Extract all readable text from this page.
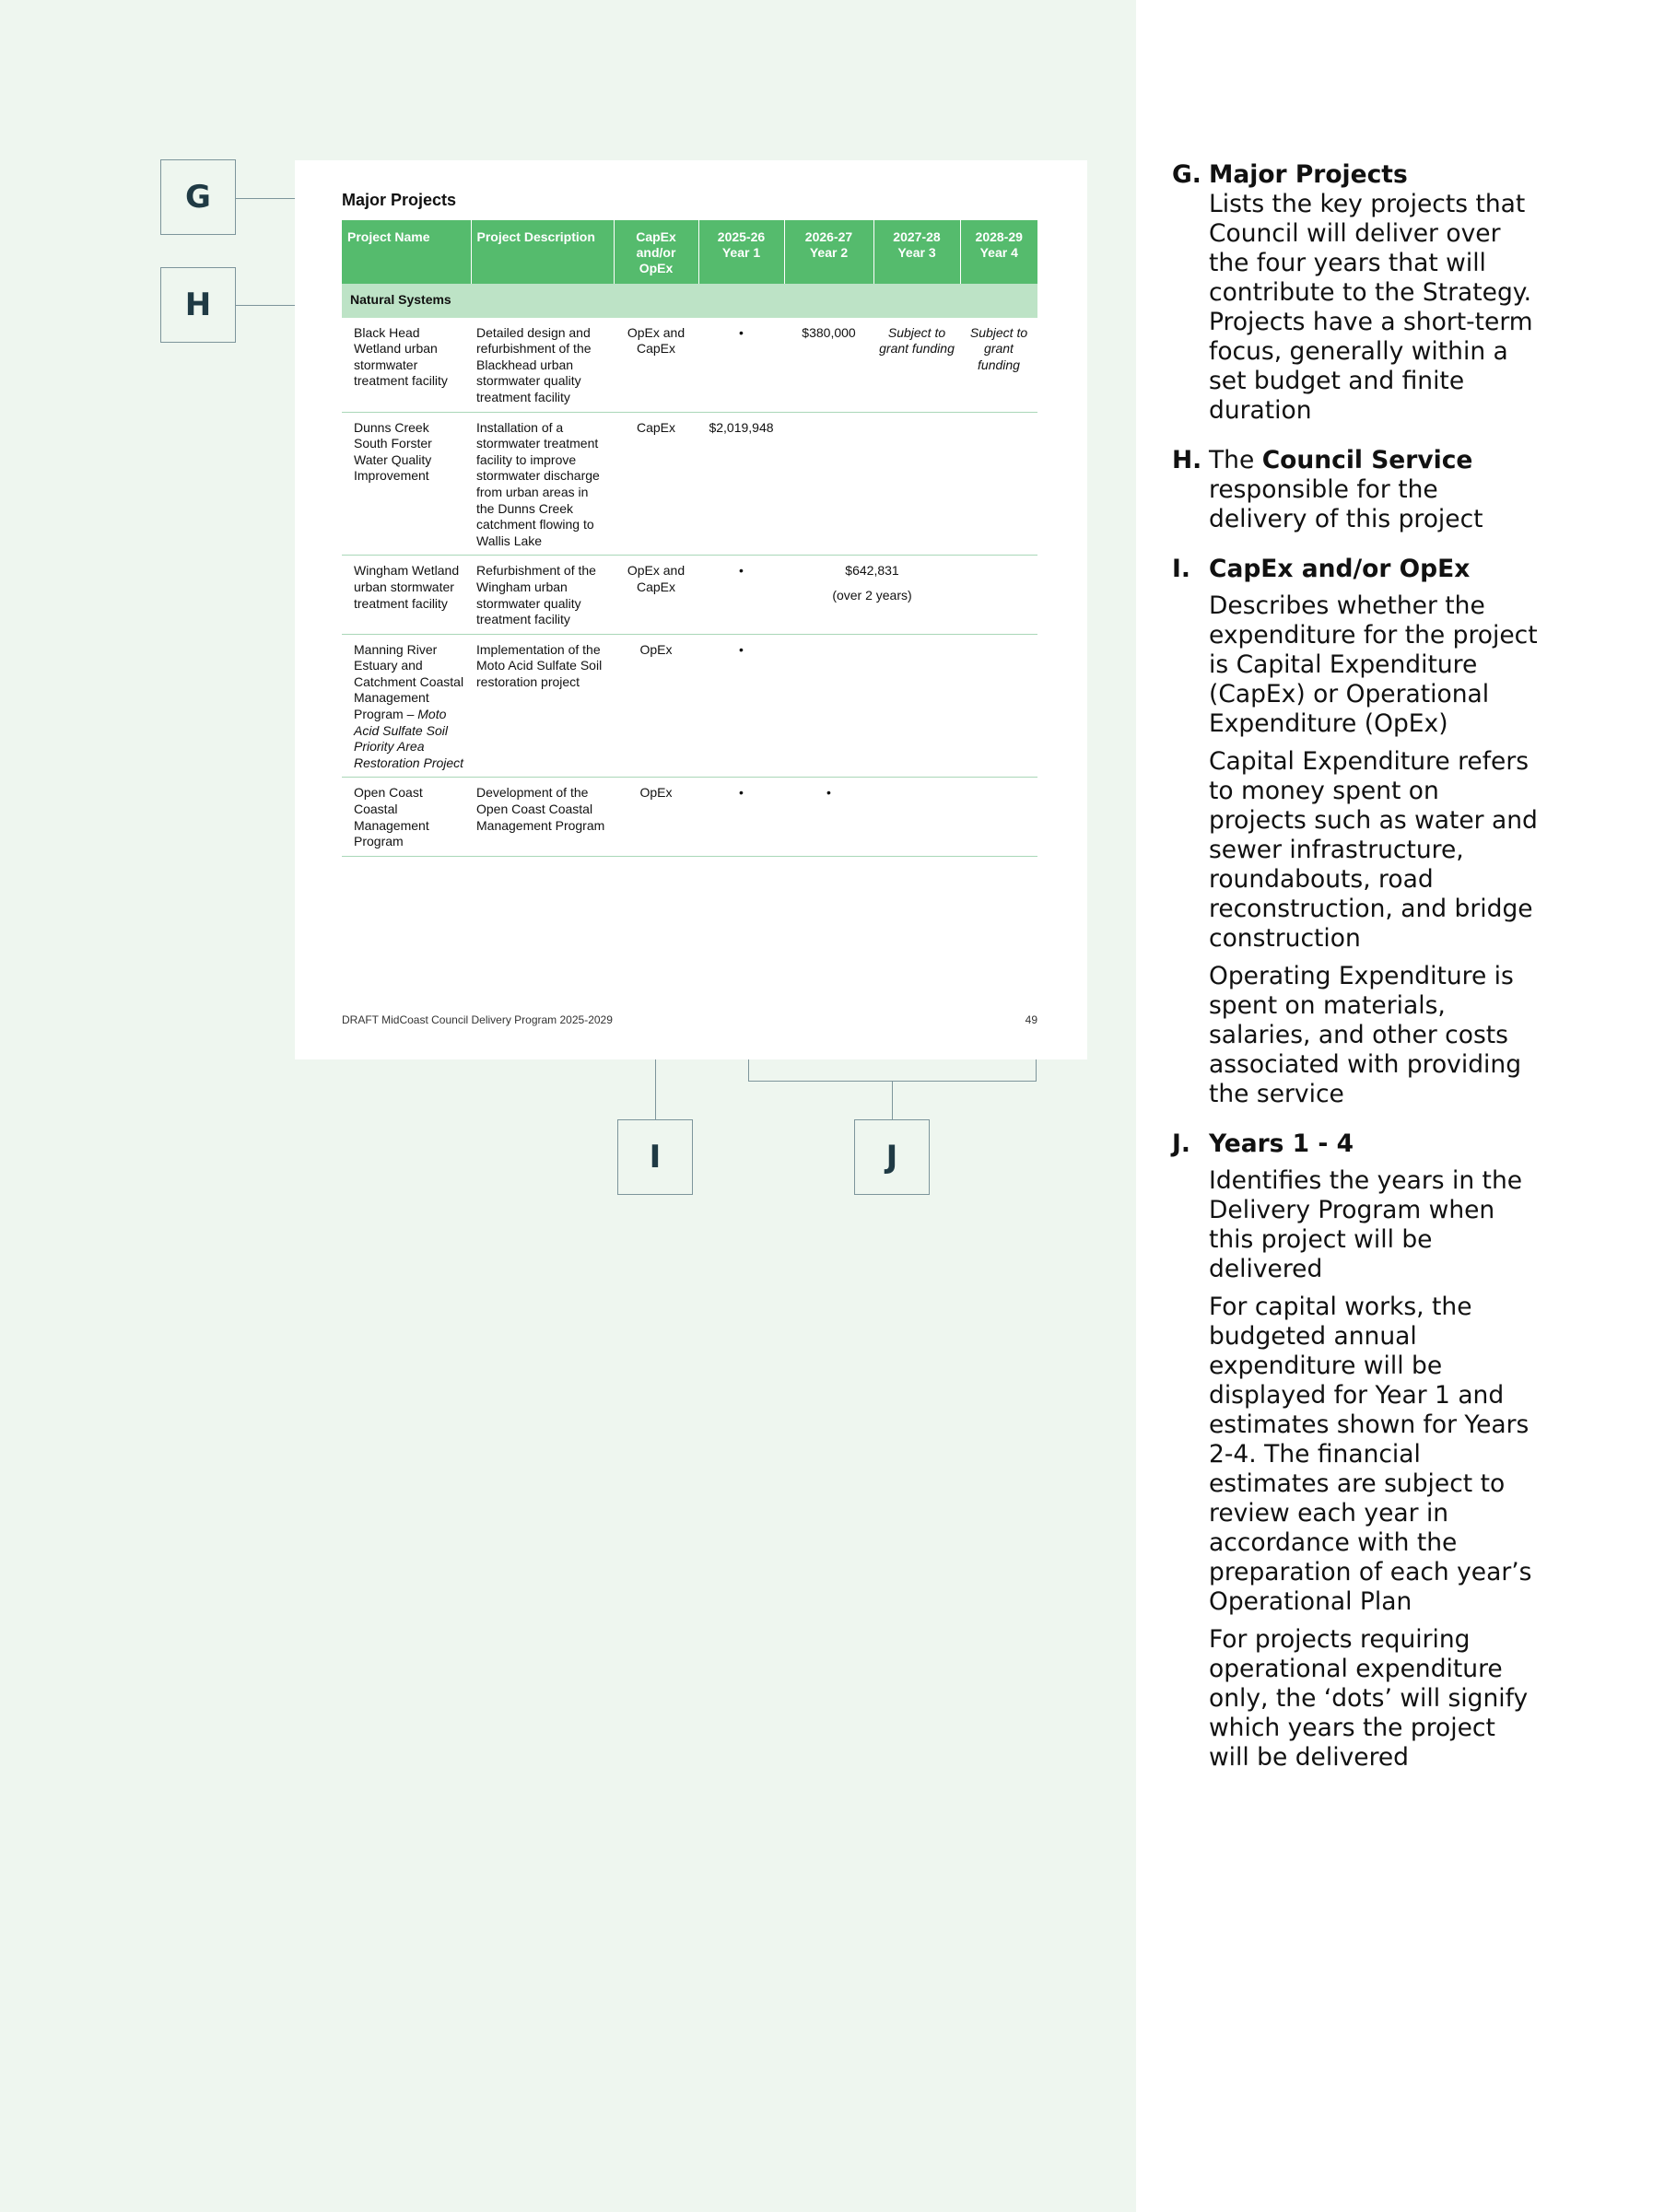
G
H
I	J
Major Projects
Project Name	Project Description	CapEx and/or OpEx	2025-26 Year 1	2026-27 Year 2	2027-28 Year 3	2028-29 Year 4
Natural Systems						
Black Head Wetland urban stormwater treatment facility	Detailed design and refurbishment of the Blackhead urban stormwater quality treatment facility	OpEx and CapEx	•	$380,000	Subject to grant funding	Subject to grant funding
Dunns Creek South Forster Water Quality Improvement	Installation of a stormwater treatment facility to improve stormwater discharge from urban areas in the Dunns Creek catchment flowing to Wallis Lake	CapEx	$2,019,948			
Wingham Wetland urban stormwater treatment facility	Refurbishment of the Wingham urban stormwater quality treatment facility	OpEx and CapEx	•	$642,831
(over 2 years)		

Manning River Estuary and Catchment Coastal Management Program – Moto Acid Sulfate Soil Priority Area Restoration Project	Implementation of the Moto Acid Sulfate Soil restoration project	OpEx	•			
Open Coast Coastal Management Program	Development of the Open Coast Coastal Management Program	OpEx	•	•		
DRAFT MidCoast Council Delivery Program 2025-2029	49
G. Major Projects
Lists the key projects that Council will deliver over the four years that will contribute to the Strategy. Projects have a short-term focus, generally within a set budget and finite duration
H. The Council Service responsible for the delivery of this project
I. CapEx and/or OpEx
Describes whether the expenditure for the project is Capital Expenditure (CapEx) or Operational Expenditure (OpEx)
Capital Expenditure refers to money spent on projects such as water and sewer infrastructure, roundabouts, road reconstruction, and bridge construction
Operating Expenditure is spent on materials, salaries, and other costs associated with providing the service
J. Years 1 - 4
Identifies the years in the Delivery Program when this project will be delivered
For capital works, the budgeted annual expenditure will be displayed for Year 1 and estimates shown for Years 2-4. The financial estimates are subject to review each year in accordance with the preparation of each year’s Operational Plan
For projects requiring operational expenditure only, the ‘dots’ will signify which years the project will be delivered
